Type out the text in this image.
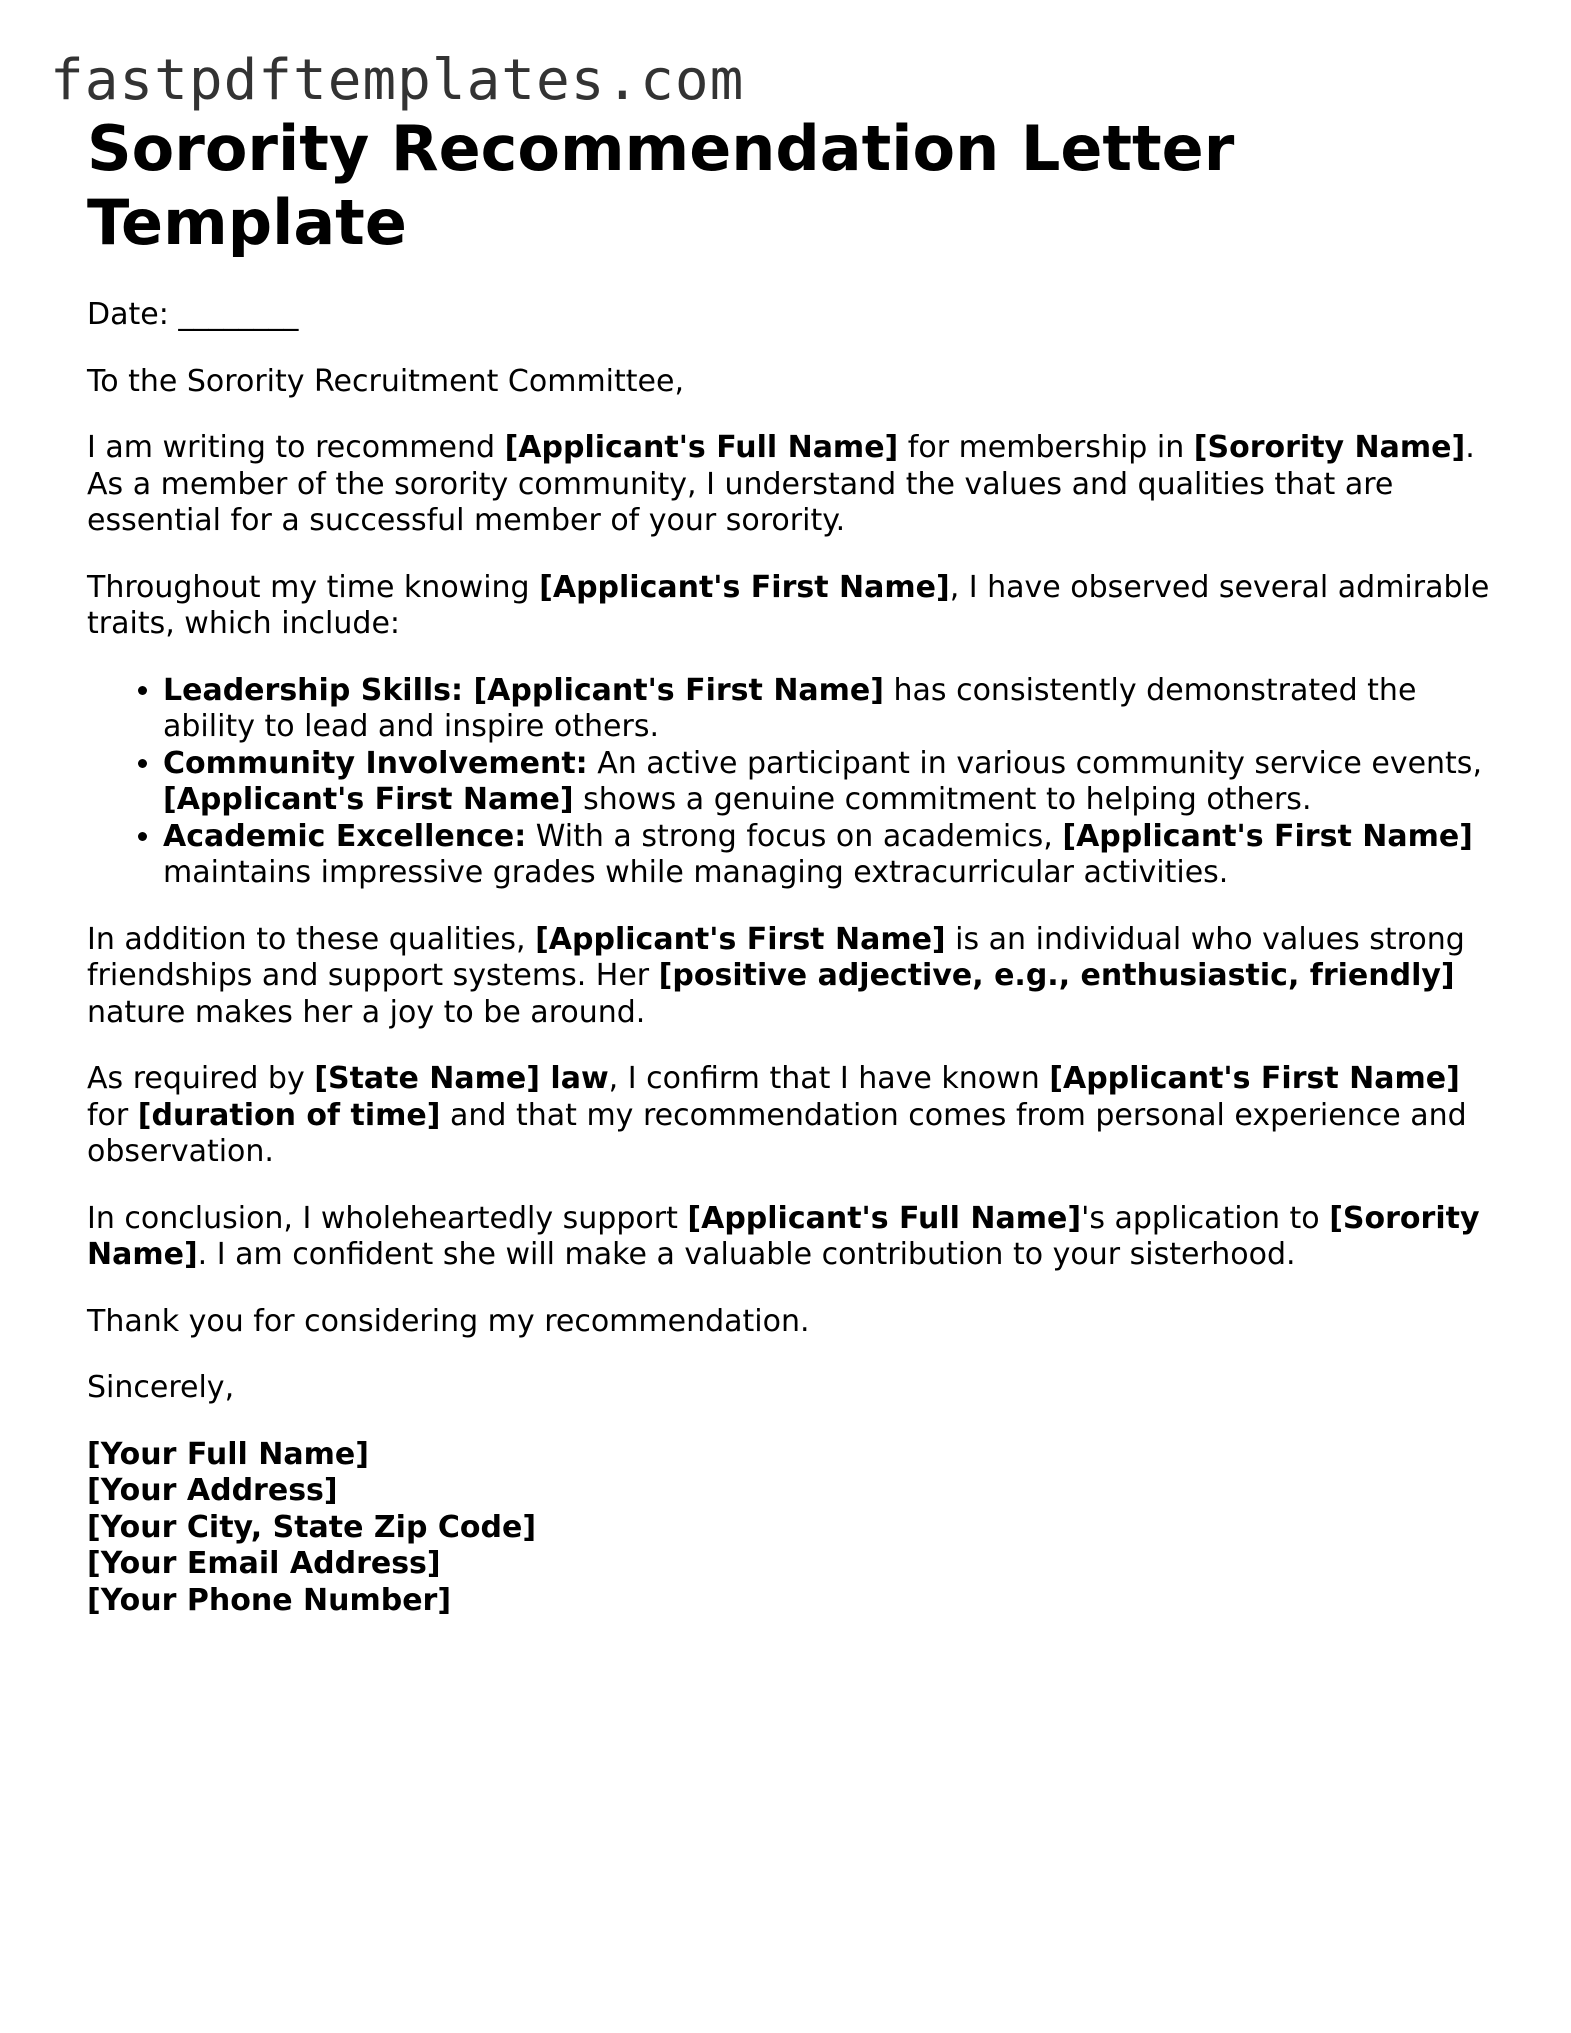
fastpdftemplates.com
Sorority Recommendation Letter Template

Date: ________

To the Sorority Recruitment Committee,

I am writing to recommend [Applicant's Full Name] for membership in [Sorority Name]. As a member of the sorority community, I understand the values and qualities that are essential for a successful member of your sorority.

Throughout my time knowing [Applicant's First Name], I have observed several admirable traits, which include:

• Leadership Skills: [Applicant's First Name] has consistently demonstrated the ability to lead and inspire others.
• Community Involvement: An active participant in various community service events, [Applicant's First Name] shows a genuine commitment to helping others.
• Academic Excellence: With a strong focus on academics, [Applicant's First Name] maintains impressive grades while managing extracurricular activities.

In addition to these qualities, [Applicant's First Name] is an individual who values strong friendships and support systems. Her [positive adjective, e.g., enthusiastic, friendly] nature makes her a joy to be around.

As required by [State Name] law, I confirm that I have known [Applicant's First Name] for [duration of time] and that my recommendation comes from personal experience and observation.

In conclusion, I wholeheartedly support [Applicant's Full Name]'s application to [Sorority Name]. I am confident she will make a valuable contribution to your sisterhood.

Thank you for considering my recommendation.

Sincerely,

[Your Full Name]
[Your Address]
[Your City, State Zip Code]
[Your Email Address]
[Your Phone Number]
